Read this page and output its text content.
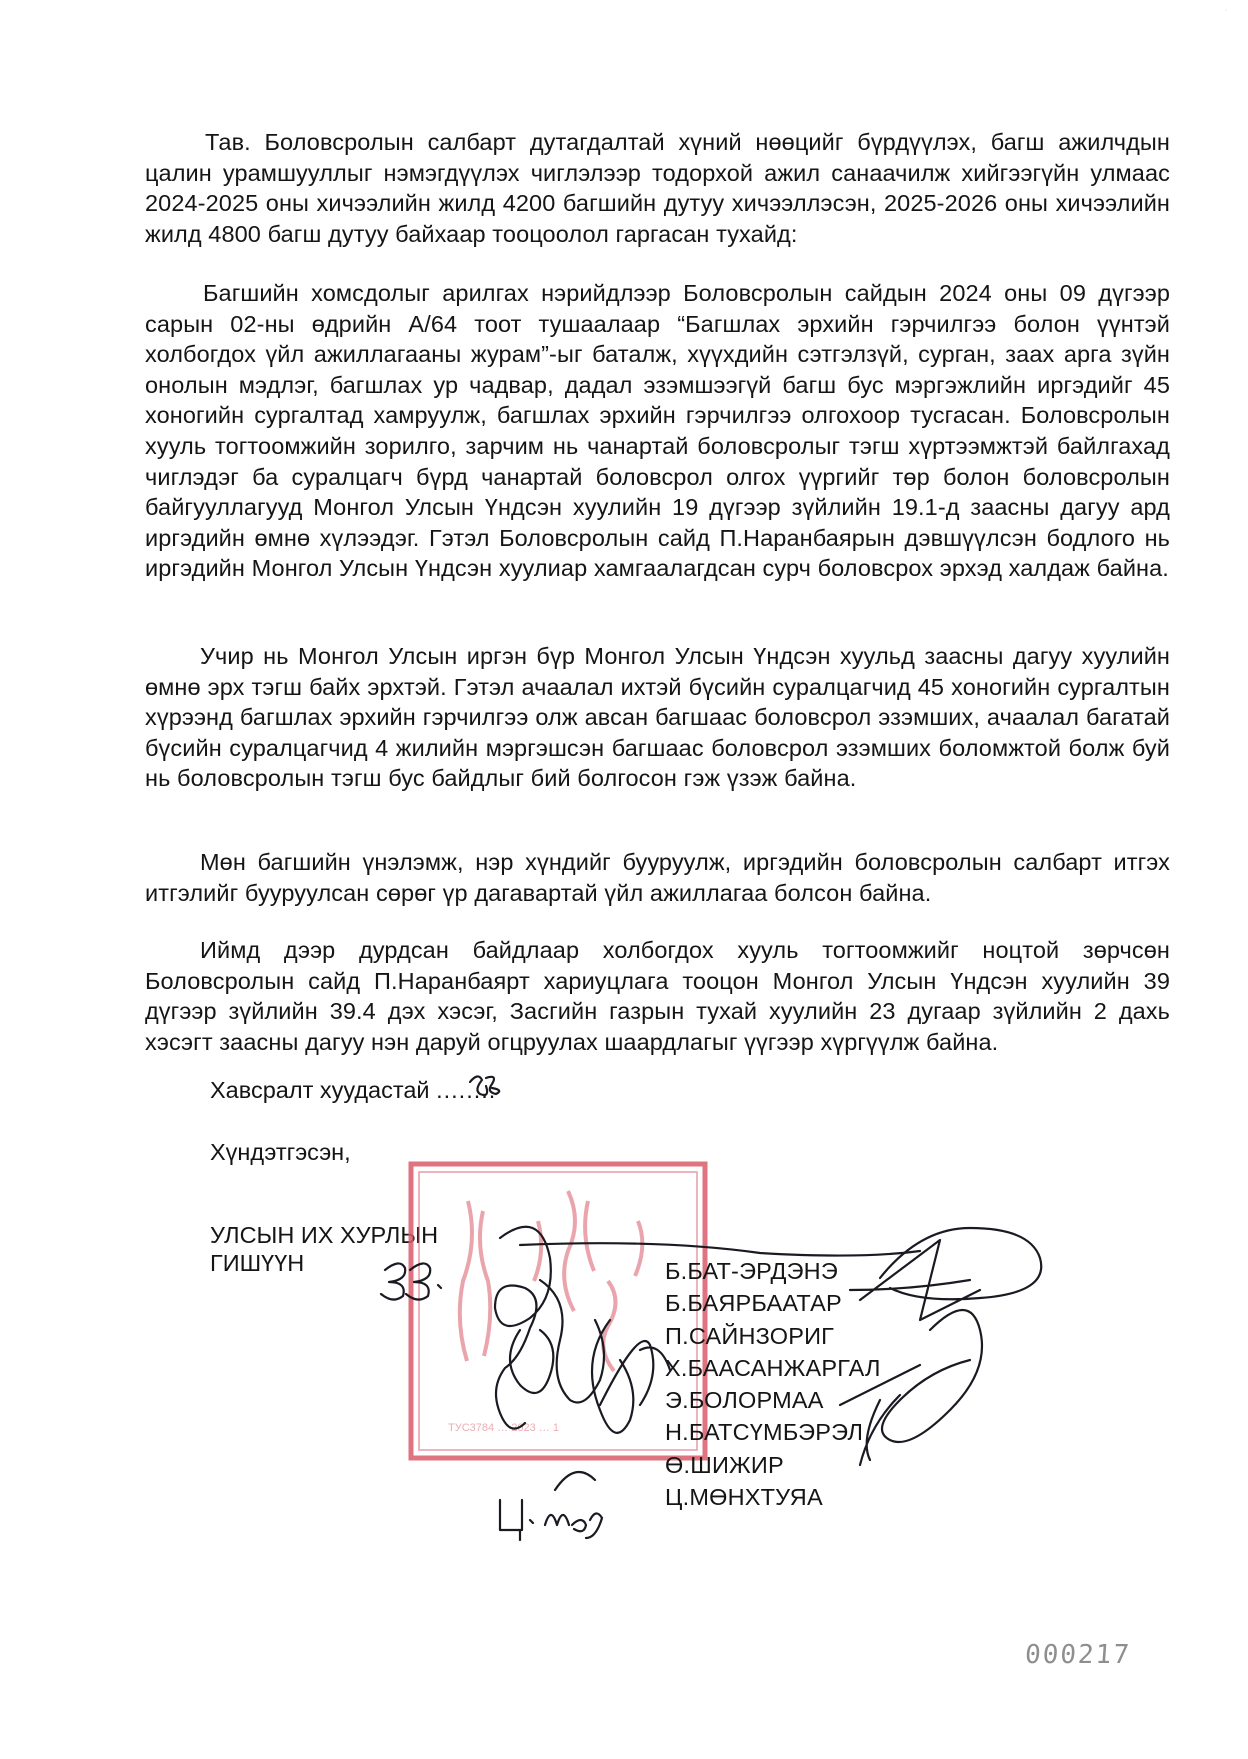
·

Тав. Боловсролын салбарт дутагдалтай хүний нөөцийг бүрдүүлэх, багш ажилчдын цалин урамшууллыг нэмэгдүүлэх чиглэлээр тодорхой ажил санаачилж хийгээгүйн улмаас 2024-2025 оны хичээлийн жилд 4200 багшийн дутуу хичээллэсэн, 2025-2026 оны хичээлийн жилд 4800 багш дутуу байхаар тооцоолол гаргасан тухайд:

Багшийн хомсдолыг арилгах нэрийдлээр Боловсролын сайдын 2024 оны 09 дүгээр сарын 02-ны өдрийн А/64 тоот тушаалаар “Багшлах эрхийн гэрчилгээ болон үүнтэй холбогдох үйл ажиллагааны журам”-ыг баталж, хүүхдийн сэтгэлзүй, сурган, заах арга зүйн онолын мэдлэг, багшлах ур чадвар, дадал эзэмшээгүй багш бус мэргэжлийн иргэдийг 45 хоногийн сургалтад хамруулж, багшлах эрхийн гэрчилгээ олгохоор тусгасан. Боловсролын хууль тогтоомжийн зорилго, зарчим нь чанартай боловсролыг тэгш хүртээмжтэй байлгахад чиглэдэг ба суралцагч бүрд чанартай боловсрол олгох үүргийг төр болон боловсролын байгууллагууд Монгол Улсын Үндсэн хуулийн 19 дүгээр зүйлийн 19.1-д заасны дагуу ард иргэдийн өмнө хүлээдэг. Гэтэл Боловсролын сайд П.Наранбаярын дэвшүүлсэн бодлого нь иргэдийн Монгол Улсын Үндсэн хуулиар хамгаалагдсан сурч боловсрох эрхэд халдаж байна.

Учир нь Монгол Улсын иргэн бүр Монгол Улсын Үндсэн хуульд заасны дагуу хуулийн өмнө эрх тэгш байх эрхтэй. Гэтэл ачаалал ихтэй бүсийн суралцагчид 45 хоногийн сургалтын хүрээнд багшлах эрхийн гэрчилгээ олж авсан багшаас боловсрол эзэмших, ачаалал багатай бүсийн суралцагчид 4 жилийн мэргэшсэн багшаас боловсрол эзэмших боломжтой болж буй нь боловсролын тэгш бус байдлыг бий болгосон гэж үзэж байна.

Мөн багшийн үнэлэмж, нэр хүндийг бууруулж, иргэдийн боловсролын салбарт итгэх итгэлийг бууруулсан сөрөг үр дагавартай үйл ажиллагаа болсон байна.

Иймд дээр дурдсан байдлаар холбогдох хууль тогтоомжийг ноцтой зөрчсөн Боловсролын сайд П.Наранбаярт хариуцлага тооцон Монгол Улсын Үндсэн хуулийн 39 дүгээр зүйлийн 39.4 дэх хэсэг, Засгийн газрын тухай хуулийн 23 дугаар зүйлийн 2 дахь хэсэгт заасны дагуу нэн даруй огцруулах шаардлагыг үүгээр хүргүүлж байна.

Хавсралт хуудастай ........

Хүндэтгэсэн,

УЛСЫН ИХ ХУРЛЫН
ГИШҮҮН

ТУС3784 … 2023 … 1
Б.БАТ-ЭРДЭНЭ
Б.БАЯРБААТАР
П.САЙНЗОРИГ
Х.БААСАНЖАРГАЛ
Э.БОЛОРМАА
Н.БАТСҮМБЭРЭЛ
Ө.ШИЖИР
Ц.МӨНХТУЯА
000217
